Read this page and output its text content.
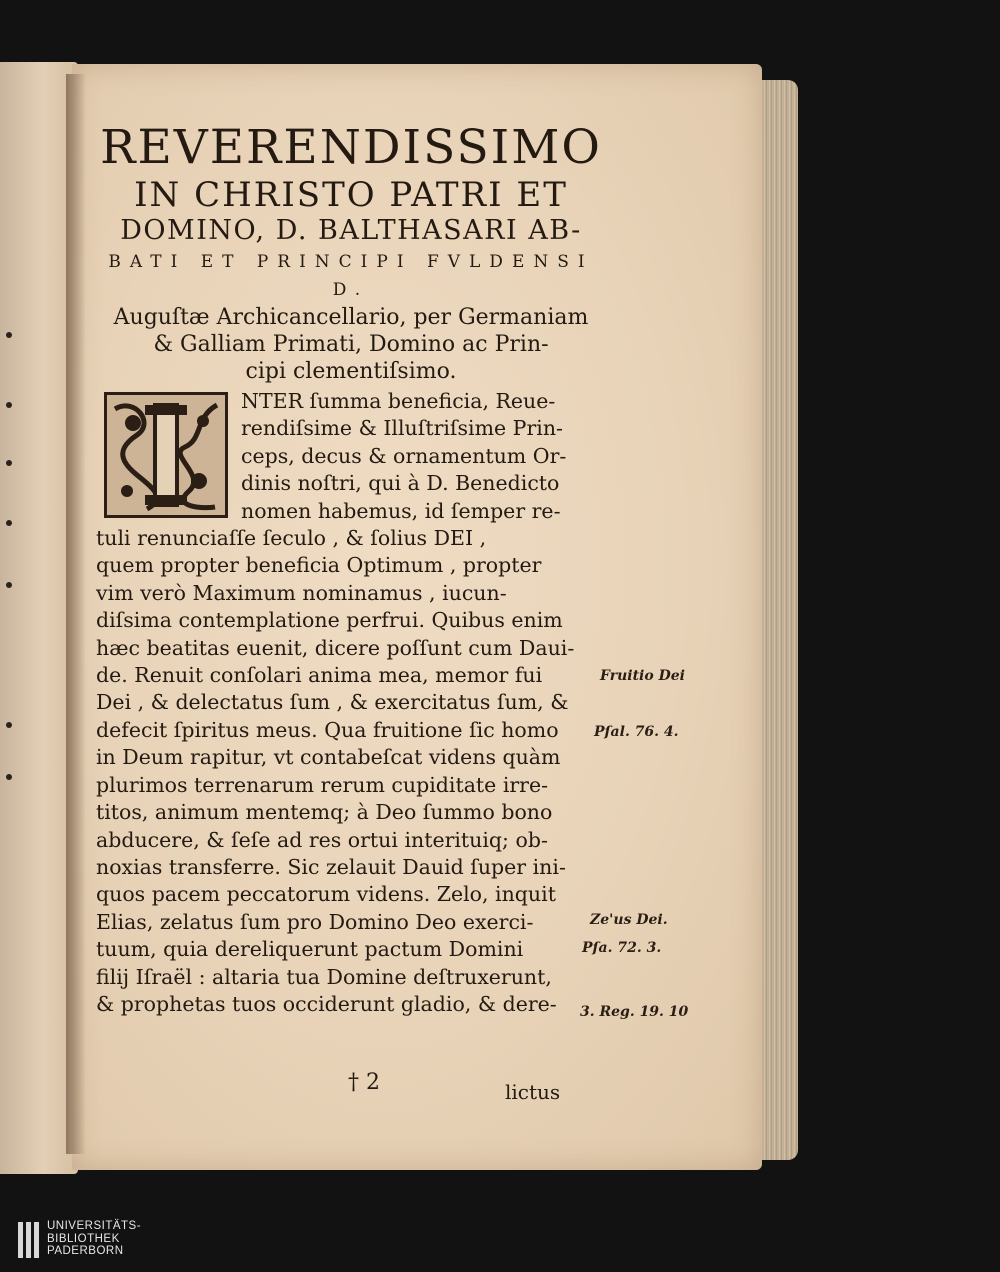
REVERENDISSIMO
IN CHRISTO PATRI ET
DOMINO, D. BALTHASARI AB-
BATI ET PRINCIPI FVLDENSI D.
Auguſtæ Archicancellario, per Germaniam
& Galliam Primati, Domino ac Prin-
cipi clementiſsimo.
NTER ſumma beneficia, Reue-
rendiſsime & Illuſtriſsime Prin-
ceps, decus & ornamentum Or-
dinis noſtri, qui à D. Benedicto
nomen habemus, id ſemper re-
tuli renunciaſſe ſeculo , & ſolius DEI ,
quem propter beneficia Optimum , propter
vim verò Maximum nominamus , iucun-
diſsima contemplatione perfrui. Quibus enim
hæc beatitas euenit, dicere poſſunt cum Daui-
de. Renuit conſolari anima mea, memor fui
Dei , & delectatus ſum , & exercitatus ſum, &
defecit ſpiritus meus. Qua fruitione ſic homo
in Deum rapitur, vt contabeſcat videns quàm
plurimos terrenarum rerum cupiditate irre-
titos, animum mentemq; à Deo ſummo bono
abducere, & ſeſe ad res ortui interituiq; ob-
noxias transferre. Sic zelauit Dauid ſuper ini-
quos pacem peccatorum videns. Zelo, inquit
Elias, zelatus ſum pro Domino Deo exerci-
tuum, quia dereliquerunt pactum Domini
filij Iſraël : altaria tua Domine deſtruxerunt,
& prophetas tuos occiderunt gladio, & dere-
Fruitio Dei
Pſal. 76. 4.
Ze'us Dei.
Pſa. 72. 3.
3. Reg. 19. 10
† 2	lictus
UNIVERSITÄTS-
BIBLIOTHEK
PADERBORN
